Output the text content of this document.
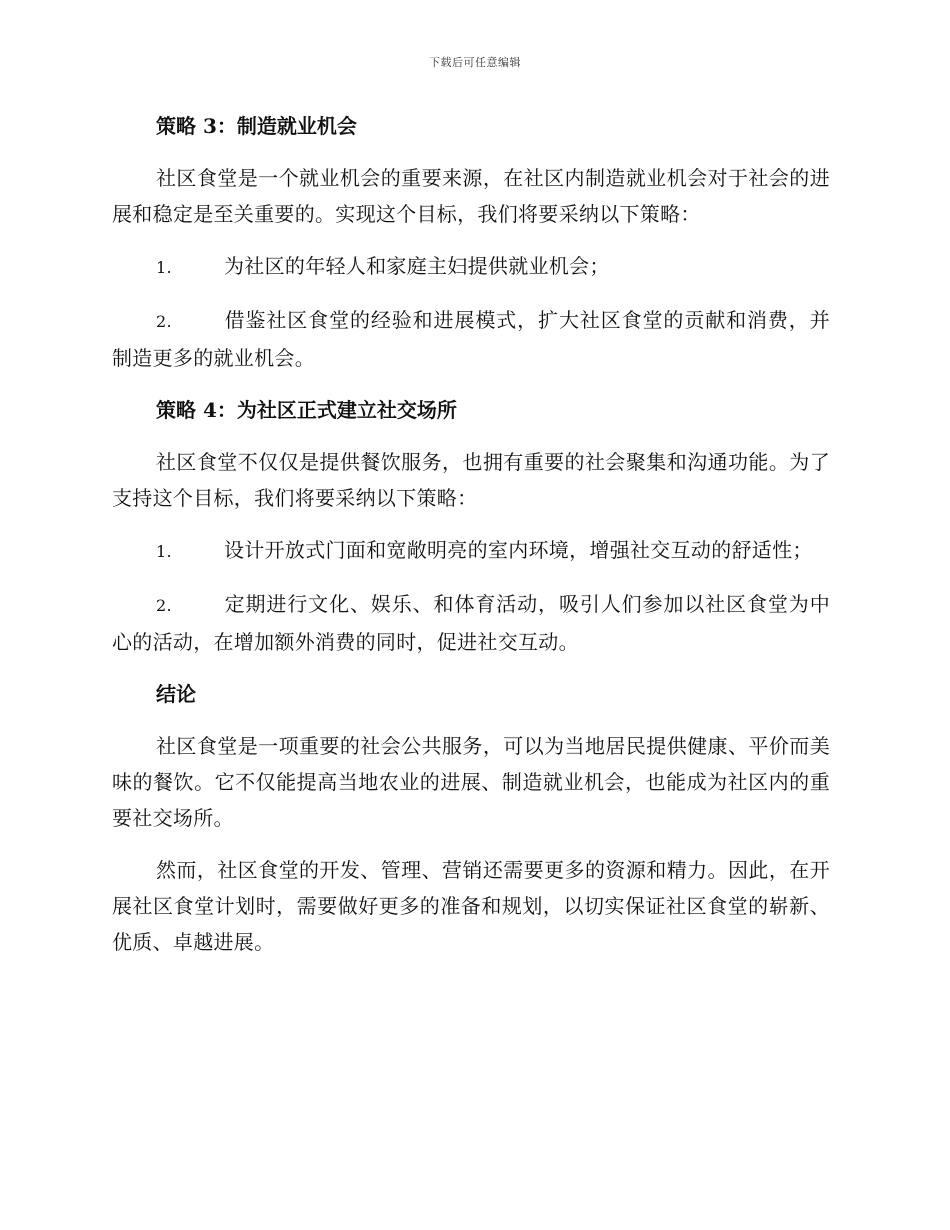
下载后可任意编辑
策略 3：制造就业机会
社区食堂是一个就业机会的重要来源，在社区内制造就业机会对于社会的进展和稳定是至关重要的。实现这个目标，我们将要采纳以下策略：
1.	为社区的年轻人和家庭主妇提供就业机会；
2.	借鉴社区食堂的经验和进展模式，扩大社区食堂的贡献和消费，并制造更多的就业机会。
策略 4：为社区正式建立社交场所
社区食堂不仅仅是提供餐饮服务，也拥有重要的社会聚集和沟通功能。为了支持这个目标，我们将要采纳以下策略：
1.	设计开放式门面和宽敞明亮的室内环境，增强社交互动的舒适性；
2.	定期进行文化、娱乐、和体育活动，吸引人们参加以社区食堂为中心的活动，在增加额外消费的同时，促进社交互动。
结论
社区食堂是一项重要的社会公共服务，可以为当地居民提供健康、平价而美味的餐饮。它不仅能提高当地农业的进展、制造就业机会，也能成为社区内的重要社交场所。
然而，社区食堂的开发、管理、营销还需要更多的资源和精力。因此，在开展社区食堂计划时，需要做好更多的准备和规划，以切实保证社区食堂的崭新、优质、卓越进展。
